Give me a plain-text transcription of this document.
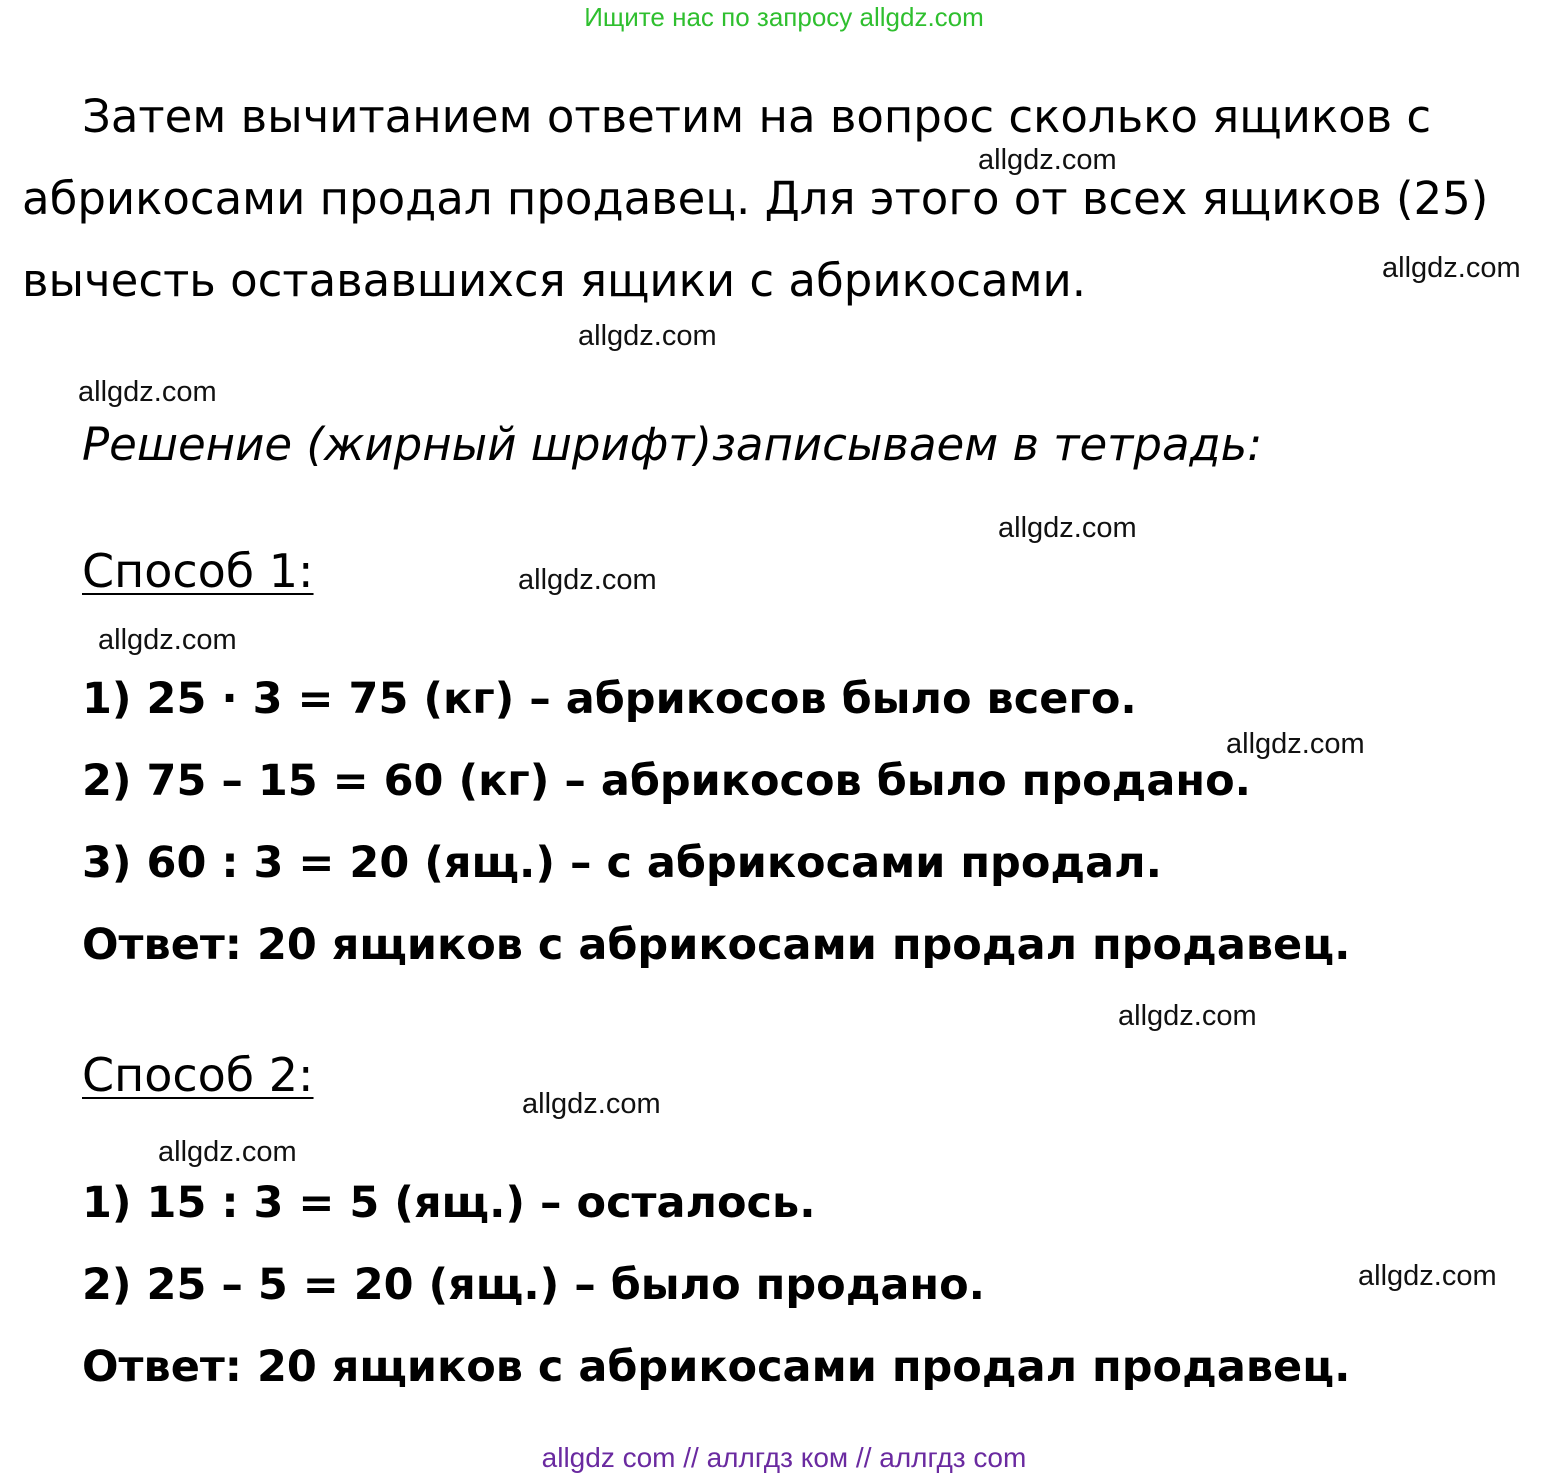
Ищите нас по запросу allgdz.com
Затем вычитанием ответим на вопрос сколько ящиков с
абрикосами продал продавец. Для этого от всех ящиков (25)
вычесть остававшихся ящики с абрикосами.
Решение (жирный шрифт)записываем в тетрадь:
Способ 1:
1) 25 · 3 = 75 (кг) – абрикосов было всего.
2) 75 – 15 = 60 (кг) – абрикосов было продано.
3) 60 : 3 = 20 (ящ.) – с абрикосами продал.
Ответ: 20 ящиков с абрикосами продал продавец.
Способ 2:
1) 15 : 3 = 5 (ящ.) – осталось.
2) 25 – 5 = 20 (ящ.) – было продано.
Ответ: 20 ящиков с абрикосами продал продавец.
allgdz.com
allgdz.com
allgdz.com
allgdz.com
allgdz.com
allgdz.com
allgdz.com
allgdz.com
allgdz.com
allgdz.com
allgdz.com
allgdz.com
allgdz com // аллгдз ком // аллгдз com
